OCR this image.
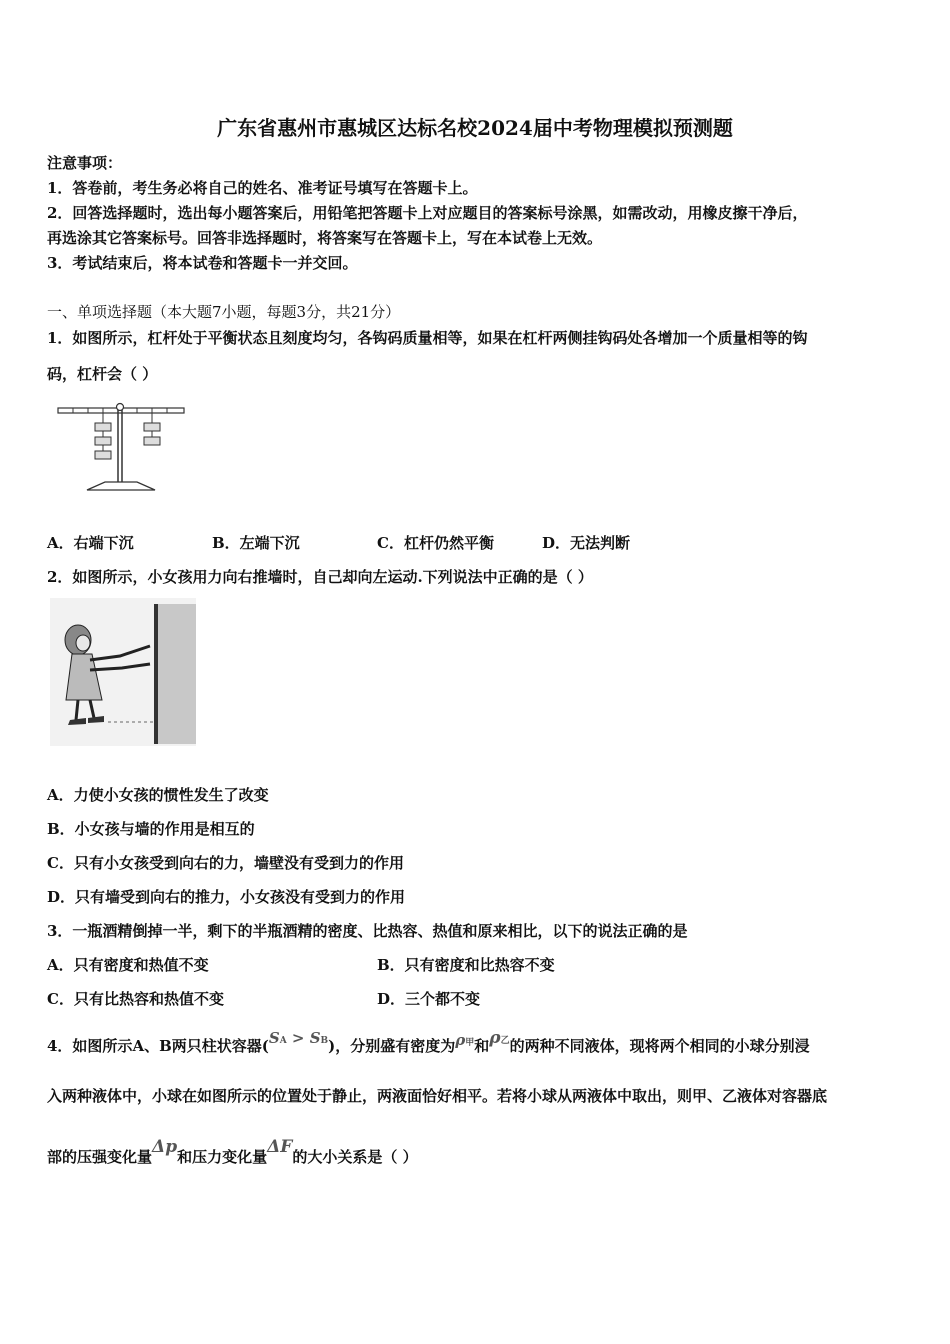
广东省惠州市惠城区达标名校2024届中考物理模拟预测题
注意事项：
1．答卷前，考生务必将自己的姓名、准考证号填写在答题卡上。
2．回答选择题时，选出每小题答案后，用铅笔把答题卡上对应题目的答案标号涂黑，如需改动，用橡皮擦干净后，
再选涂其它答案标号。回答非选择题时，将答案写在答题卡上，写在本试卷上无效。
3．考试结束后，将本试卷和答题卡一并交回。
一、单项选择题（本大题7小题，每题3分，共21分）
1．如图所示，杠杆处于平衡状态且刻度均匀，各钩码质量相等，如果在杠杆两侧挂钩码处各增加一个质量相等的钩
码，杠杆会（ ）
A．右端下沉	B．左端下沉	C．杠杆仍然平衡	D．无法判断
2．如图所示，小女孩用力向右推墙时，自己却向左运动.下列说法中正确的是（ ）
A．力使小女孩的惯性发生了改变
B．小女孩与墙的作用是相互的
C．只有小女孩受到向右的力，墙壁没有受到力的作用
D．只有墙受到向右的推力，小女孩没有受到力的作用
3．一瓶酒精倒掉一半，剩下的半瓶酒精的密度、比热容、热值和原来相比，以下的说法正确的是
A．只有密度和热值不变	B．只有密度和比热容不变
C．只有比热容和热值不变	D．三个都不变
4．如图所示A、B两只柱状容器(SA > SB)，分别盛有密度为ρ甲和ρ乙的两种不同液体，现将两个相同的小球分别浸
入两种液体中，小球在如图所示的位置处于静止，两液面恰好相平。若将小球从两液体中取出，则甲、乙液体对容器底
部的压强变化量Δp和压力变化量ΔF的大小关系是（ ）
